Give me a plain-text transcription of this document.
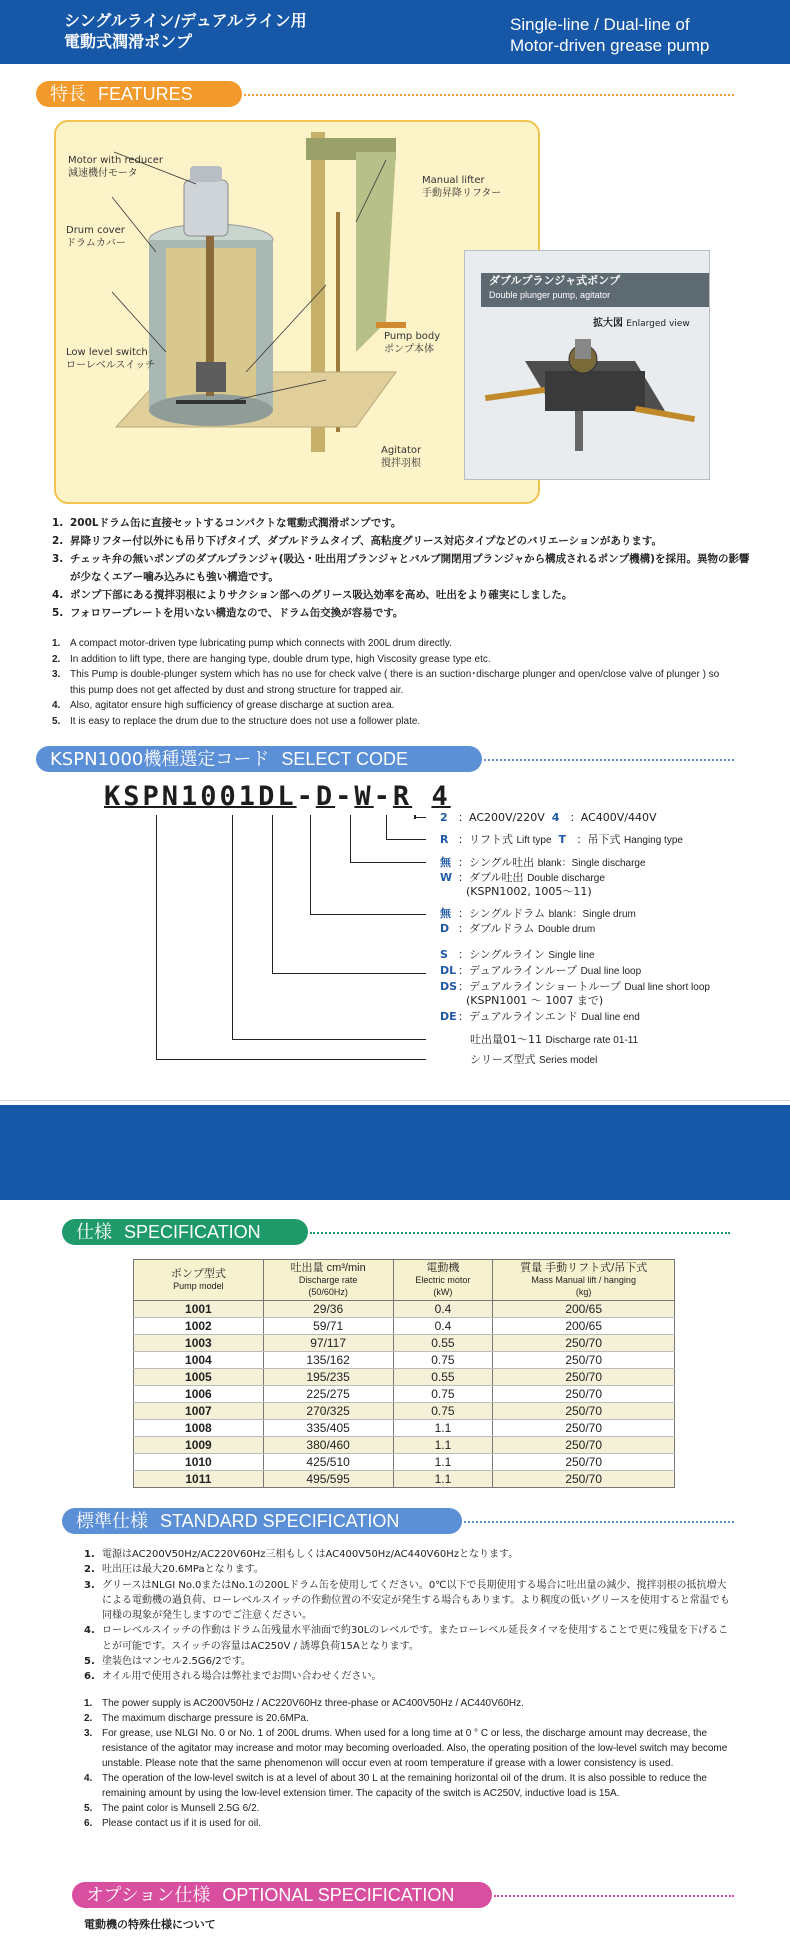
シングルライン/デュアルライン用
電動式潤滑ポンプ
Single-line / Dual-line of
Motor-driven grease pump
特長 FEATURES
Motor with reducer
減速機付モータ
Manual lifter
手動昇降リフター
Drum cover
ドラムカバー
Low level switch
ローレベルスイッチ
Pump body
ポンプ本体
Agitator
撹拌羽根
ダブルプランジャ式ポンプ
Double plunger pump, agitator
拡大図 Enlarged view
1. 200Lドラム缶に直接セットするコンパクトな電動式潤滑ポンプです。
2. 昇降リフター付以外にも吊り下げタイプ、ダブルドラムタイプ、高粘度グリース対応タイプなどのバリエーションがあります。
3. チェッキ弁の無いポンプのダブルプランジャ(吸込・吐出用プランジャとバルブ開閉用プランジャから構成されるポンプ機構)を採用。異物の影響が少なくエアー噛み込みにも強い構造です。
4. ポンプ下部にある撹拌羽根によりサクション部へのグリース吸込効率を高め、吐出をより確実にしました。
5. フォロワープレートを用いない構造なので、ドラム缶交換が容易です。
1. A compact motor-driven type lubricating pump which connects with 200L drum directly.
2. In addition to lift type, there are hanging type, double drum type, high Viscosity grease type etc.
3. This Pump is double-plunger system which has no use for check valve ( there is an suction･discharge plunger and open/close valve of plunger ) so this pump does not get affected by dust and strong structure for trapped air.
4. Also, agitator ensure high sufficiency of grease discharge at suction area.
5. It is easy to replace the drum due to the structure does not use a follower plate.
KSPN1000機種選定コード SELECT CODE
KSPN1001DL-D-W-R 4
2 ：AC200V/220V 4 ：AC400V/440V
R ：リフト式 Lift type T ：吊下式 Hanging type
無 ：シングル吐出 blank：Single discharge
W ：ダブル吐出 Double discharge
(KSPN1002, 1005～11)
無 ：シングルドラム blank：Single drum
D ：ダブルドラム Double drum
S ：シングルライン Single line
DL ：デュアルラインループ Dual line loop
DS：デュアルラインショートループ Dual line short loop
(KSPN1001 ～ 1007 まで)
DE：デュアルラインエンド Dual line end
吐出量01～11 Discharge rate 01-11
シリーズ型式 Series model
仕様 SPECIFICATION
ポンプ型式
Pump model	吐出量 cm³/min
Discharge rate
(50/60Hz)	電動機
Electric motor
(kW)	質量 手動リフト式/吊下式
Mass Manual lift / hanging
(kg)

1001	29/36	0.4	200/65
1002	59/71	0.4	200/65
1003	97/117	0.55	250/70
1004	135/162	0.75	250/70
1005	195/235	0.55	250/70
1006	225/275	0.75	250/70
1007	270/325	0.75	250/70
1008	335/405	1.1	250/70
1009	380/460	1.1	250/70
1010	425/510	1.1	250/70
1011	495/595	1.1	250/70
標準仕様 STANDARD SPECIFICATION
1. 電源はAC200V50Hz/AC220V60Hz三相もしくはAC400V50Hz/AC440V60Hzとなります。
2. 吐出圧は最大20.6MPaとなります。
3. グリースはNLGI No.0またはNo.1の200Lドラム缶を使用してください。0℃以下で長期使用する場合に吐出量の減少、撹拌羽根の抵抗増大による電動機の過負荷、ローレベルスイッチの作動位置の不安定が発生する場合もあります。より稠度の低いグリースを使用すると常温でも同様の現象が発生しますのでご注意ください。
4. ローレベルスイッチの作動はドラム缶残量水平油面で約30Lのレベルです。またローレベル延長タイマを使用することで更に残量を下げることが可能です。スイッチの容量はAC250V / 誘導負荷15Aとなります。
5. 塗装色はマンセル2.5G6/2です。
6. オイル用で使用される場合は弊社までお問い合わせください。
1. The power supply is AC200V50Hz / AC220V60Hz three-phase or AC400V50Hz / AC440V60Hz.
2. The maximum discharge pressure is 20.6MPa.
3. For grease, use NLGI No. 0 or No. 1 of 200L drums. When used for a long time at 0 ° C or less, the discharge amount may decrease, the resistance of the agitator may increase and motor may becoming overloaded. Also, the operating position of the low-level switch may become unstable. Please note that the same phenomenon will occur even at room temperature if grease with a lower consistency is used.
4. The operation of the low-level switch is at a level of about 30 L at the remaining horizontal oil of the drum. It is also possible to reduce the remaining amount by using the low-level extension timer. The capacity of the switch is AC250V, inductive load is 15A.
5. The paint color is Munsell 2.5G 6/2.
6. Please contact us if it is used for oil.
オプション仕様 OPTIONAL SPECIFICATION
電動機の特殊仕様について
